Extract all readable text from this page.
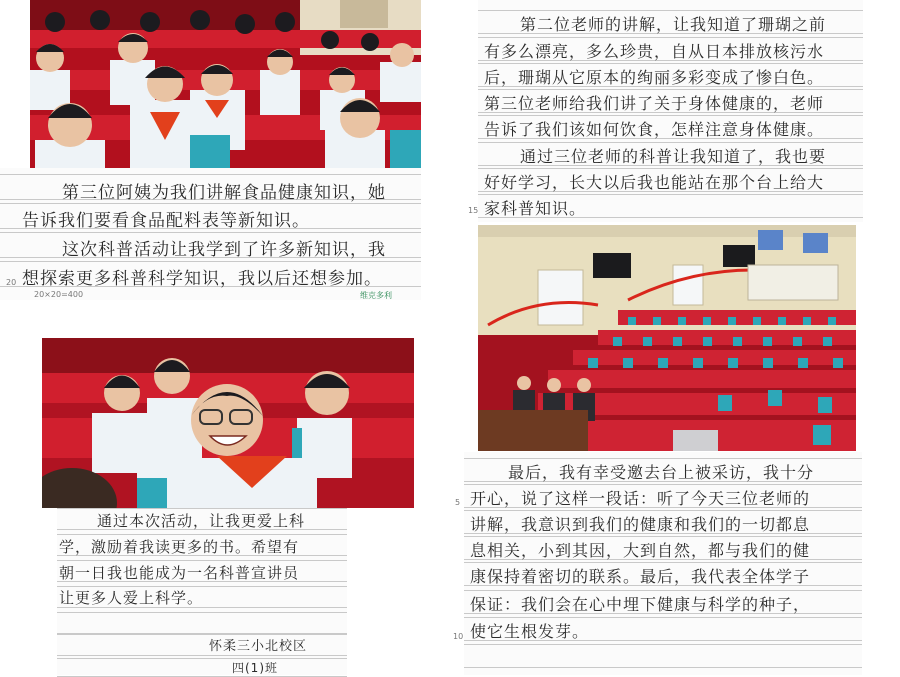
第三位阿姨为我们讲解食品健康知识，她
告诉我们要看食品配料表等新知识。
这次科普活动让我学到了许多新知识，我
想探索更多科普科学知识，我以后还想参加。
20
20×20=400	维克多利
第二位老师的讲解，让我知道了珊瑚之前
有多么漂亮，多么珍贵，自从日本排放核污水
后，珊瑚从它原本的绚丽多彩变成了惨白色。
第三位老师给我们讲了关于身体健康的，老师
告诉了我们该如何饮食，怎样注意身体健康。
通过三位老师的科普让我知道了，我也要
好好学习，长大以后我也能站在那个台上给大
家科普知识。
15
通过本次活动，让我更爱上科
学，激励着我读更多的书。希望有
朝一日我也能成为一名科普宣讲员
让更多人爱上科学。
怀柔三小北校区
四(1)班
最后，我有幸受邀去台上被采访，我十分
开心，说了这样一段话：听了今天三位老师的
讲解，我意识到我们的健康和我们的一切都息
息相关，小到其因，大到自然，都与我们的健
康保持着密切的联系。最后，我代表全体学子
保证：我们会在心中埋下健康与科学的种子，
使它生根发芽。
5
10
